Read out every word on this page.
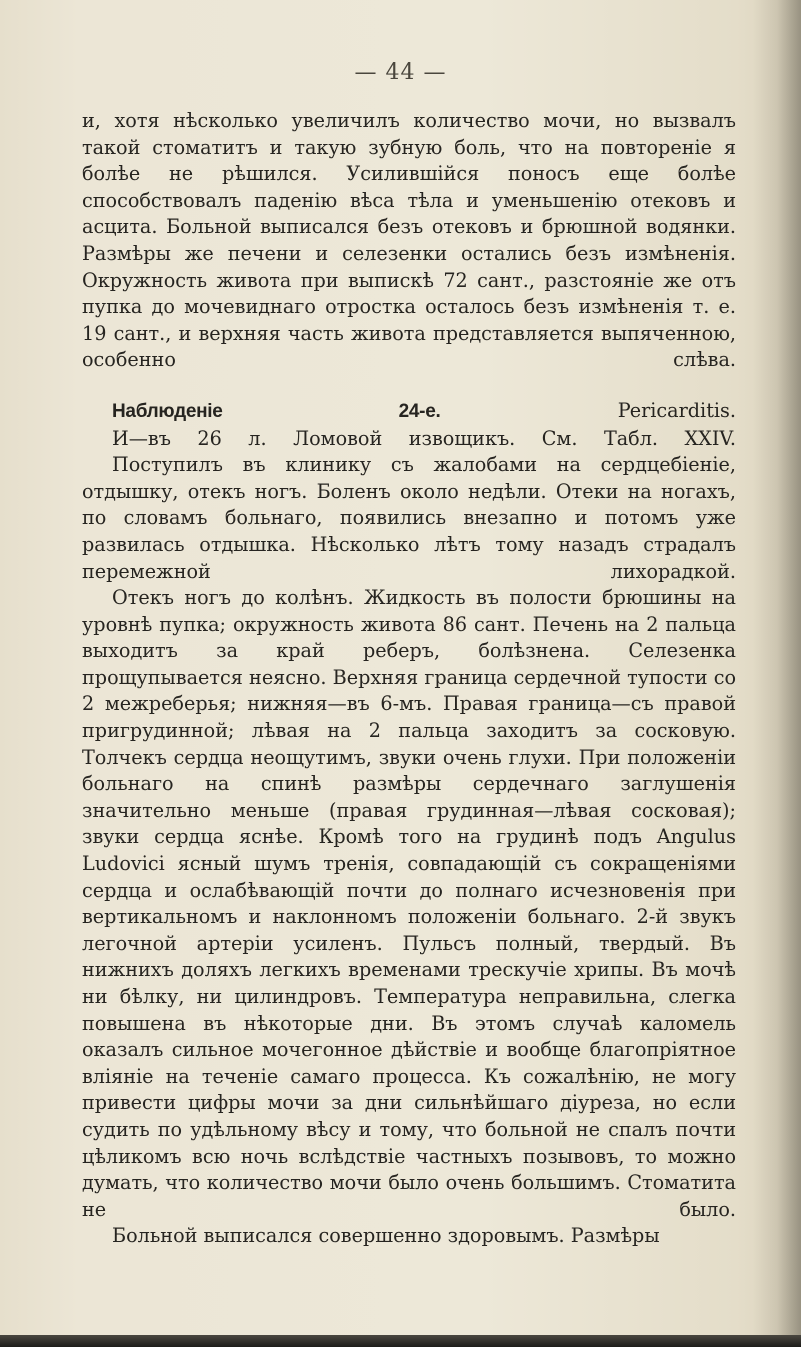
— 44 —

и, хотя нѣсколько увеличилъ количество мочи, но вызвалъ такой стоматитъ и такую зубную боль, что на повтореніе я болѣе не рѣшился. Усилившійся поносъ еще болѣе способствовалъ паденію вѣса тѣла и уменьшенію отековъ и асцита. Больной выписался безъ отековъ и брюшной водянки. Размѣры же печени и селезенки остались безъ измѣненія. Окружность живота при выпискѣ 72 сант., разстояніе же отъ пупка до мочевиднаго отростка осталось безъ измѣненія т. е. 19 сант., и верхняя часть живота представляется выпяченною, особенно слѣва.

Наблюденіе 24-е.	Pericarditis.

И—въ 26 л. Ломовой извощикъ. См. Табл. XXIV.

Поступилъ въ клинику съ жалобами на сердцебіеніе, отдышку, отекъ ногъ. Боленъ около недѣли. Отеки на ногахъ, по словамъ больнаго, появились внезапно и потомъ уже развилась отдышка. Нѣсколько лѣтъ тому назадъ страдалъ перемежной лихорадкой.

Отекъ ногъ до колѣнъ. Жидкость въ полости брюшины на уровнѣ пупка; окружность живота 86 сант. Печень на 2 пальца выходитъ за край реберъ, болѣзнена. Селезенка прощупывается неясно. Верхняя граница сердечной тупости со 2 межреберья; нижняя—въ 6-мъ. Правая граница—съ правой пригрудинной; лѣвая на 2 пальца заходитъ за сосковую. Толчекъ сердца неощутимъ, звуки очень глухи. При положеніи больнаго на спинѣ размѣры сердечнаго заглушенія значительно меньше (правая грудинная—лѣвая сосковая); звуки сердца яснѣе. Кромѣ того на грудинѣ подъ Angulus Ludovici ясный шумъ тренія, совпадающій съ сокращеніями сердца и ослабѣвающій почти до полнаго исчезновенія при вертикальномъ и наклонномъ положеніи больнаго. 2-й звукъ легочной артеріи усиленъ. Пульсъ полный, твердый. Въ нижнихъ доляхъ легкихъ временами трескучіе хрипы. Въ мочѣ ни бѣлку, ни цилиндровъ. Температура неправильна, слегка повышена въ нѣкоторые дни. Въ этомъ случаѣ каломель оказалъ сильное мочегонное дѣйствіе и вообще благопріятное вліяніе на теченіе самаго процесса. Къ сожалѣнію, не могу привести цифры мочи за дни сильнѣйшаго діуреза, но если судить по удѣльному вѣсу и тому, что больной не спалъ почти цѣликомъ всю ночь вслѣдствіе частныхъ позывовъ, то можно думать, что количество мочи было очень большимъ. Стоматита не было.

Больной выписался совершенно здоровымъ. Размѣры
